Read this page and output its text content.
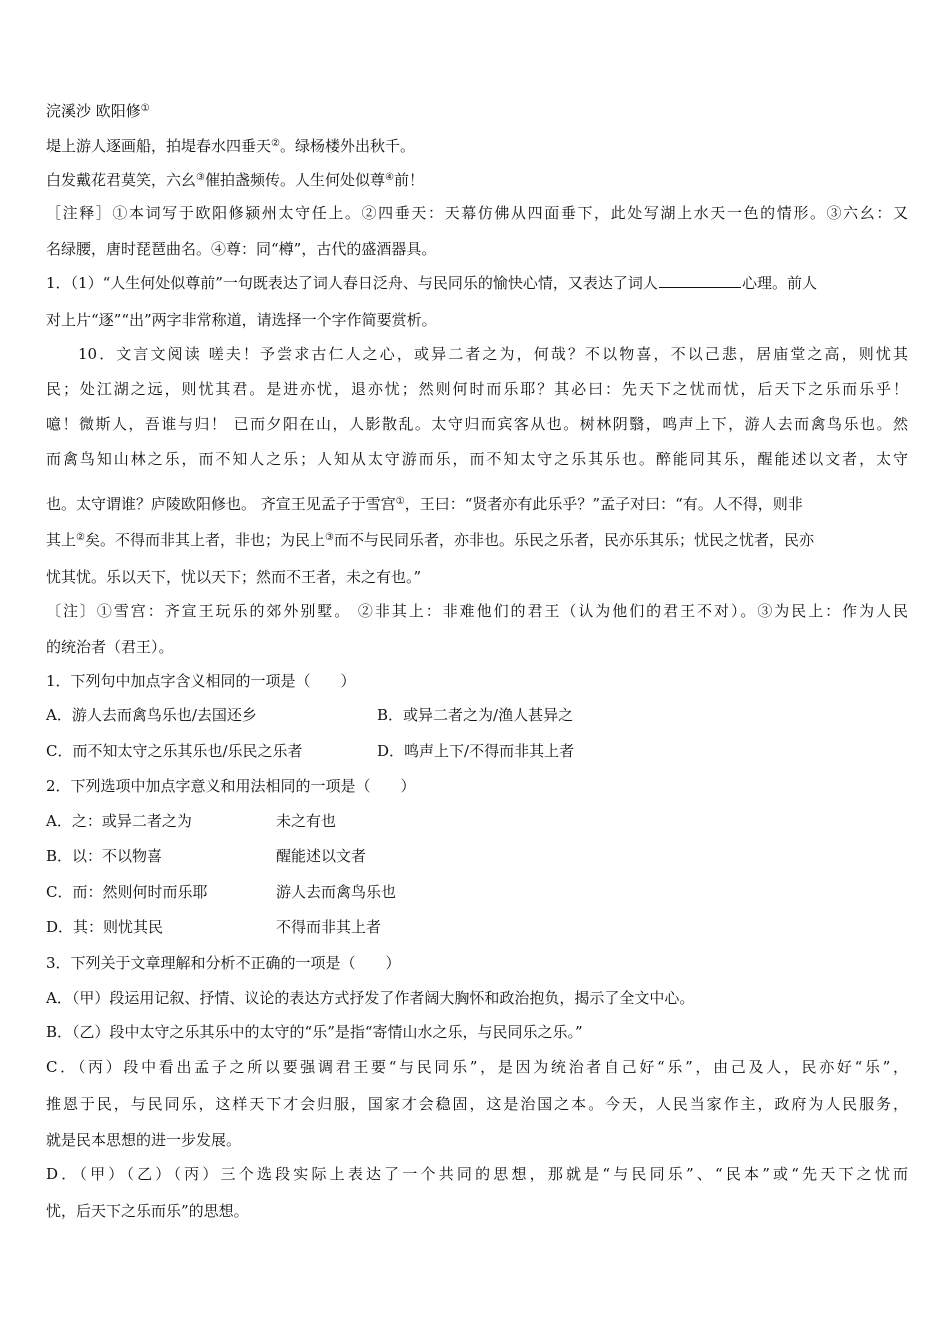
浣溪沙 欧阳修①
堤上游人逐画船，拍堤春水四垂天②。绿杨楼外出秋千。
白发戴花君莫笑，六幺③催拍盏频传。人生何处似尊④前！
［注释］①本词写于欧阳修颍州太守任上。②四垂天：天幕仿佛从四面垂下，此处写湖上水天一色的情形。③六幺：又
名绿腰，唐时琵琶曲名。④尊：同“樽”，古代的盛酒器具。
1．（1）“人生何处似尊前”一句既表达了词人春日泛舟、与民同乐的愉快心情，又表达了词人	心理。前人
对上片“逐”“出”两字非常称道，请选择一个字作简要赏析。
10．文言文阅读 嗟夫！予尝求古仁人之心，或异二者之为，何哉？不以物喜，不以己悲，居庙堂之高，则忧其
民；处江湖之远，则忧其君。是进亦忧，退亦忧；然则何时而乐耶？其必曰：先天下之忧而忧，后天下之乐而乐乎！
噫！微斯人，吾谁与归！ 已而夕阳在山，人影散乱。太守归而宾客从也。树林阴翳，鸣声上下，游人去而禽鸟乐也。然
而禽鸟知山林之乐，而不知人之乐；人知从太守游而乐，而不知太守之乐其乐也。醉能同其乐，醒能述以文者，太守
也。太守谓谁？庐陵欧阳修也。 齐宣王见孟子于雪宫①，王曰：“贤者亦有此乐乎？”孟子对曰：“有。人不得，则非
其上②矣。不得而非其上者，非也；为民上③而不与民同乐者，亦非也。乐民之乐者，民亦乐其乐；忧民之忧者，民亦
忧其忧。乐以天下，忧以天下；然而不王者，未之有也。”
〔注〕①雪宫：齐宣王玩乐的郊外别墅。 ②非其上：非难他们的君王（认为他们的君王不对）。③为民上：作为人民
的统治者（君王）。
1．下列句中加点字含义相同的一项是（　　）
A．游人去而禽鸟乐也/去国还乡	B．或异二者之为/渔人甚异之
C．而不知太守之乐其乐也/乐民之乐者	D．鸣声上下/不得而非其上者
2．下列选项中加点字意义和用法相同的一项是（　　）
A．之：或异二者之为	未之有也
B．以：不以物喜	醒能述以文者
C．而：然则何时而乐耶	游人去而禽鸟乐也
D．其：则忧其民	不得而非其上者
3．下列关于文章理解和分析不正确的一项是（　　）
A．（甲）段运用记叙、抒情、议论的表达方式抒发了作者阔大胸怀和政治抱负，揭示了全文中心。
B．（乙）段中太守之乐其乐中的太守的“乐”是指“寄情山水之乐，与民同乐之乐。”
C．（丙）段中看出孟子之所以要强调君王要“与民同乐”，是因为统治者自己好“乐”，由己及人，民亦好“乐”，
推恩于民，与民同乐，这样天下才会归服，国家才会稳固，这是治国之本。今天，人民当家作主，政府为人民服务，
就是民本思想的进一步发展。
D．（甲）（乙）（丙）三个选段实际上表达了一个共同的思想，那就是“与民同乐”、“民本”或“先天下之忧而
忧，后天下之乐而乐”的思想。
